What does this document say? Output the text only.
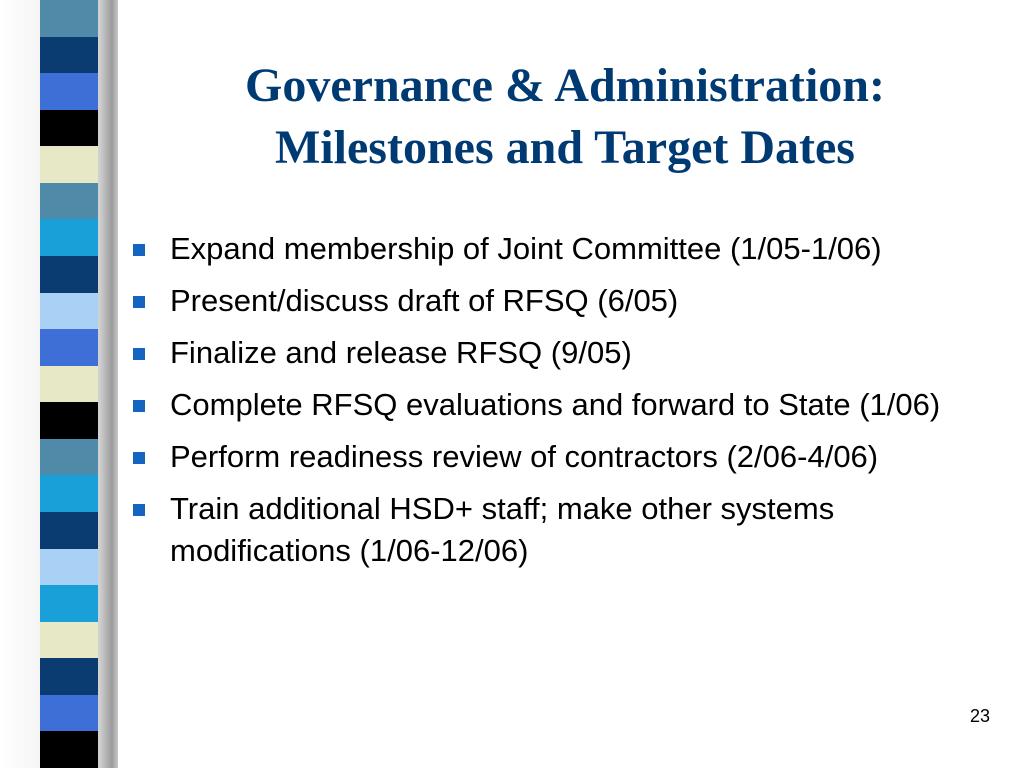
Governance & Administration:
Milestones and Target Dates
Expand membership of Joint Committee (1/05-1/06)
Present/discuss draft of RFSQ (6/05)
Finalize and release RFSQ (9/05)
Complete RFSQ evaluations and forward to State (1/06)
Perform readiness review of contractors (2/06-4/06)
Train additional HSD+ staff; make other systems modifications (1/06-12/06)
23
